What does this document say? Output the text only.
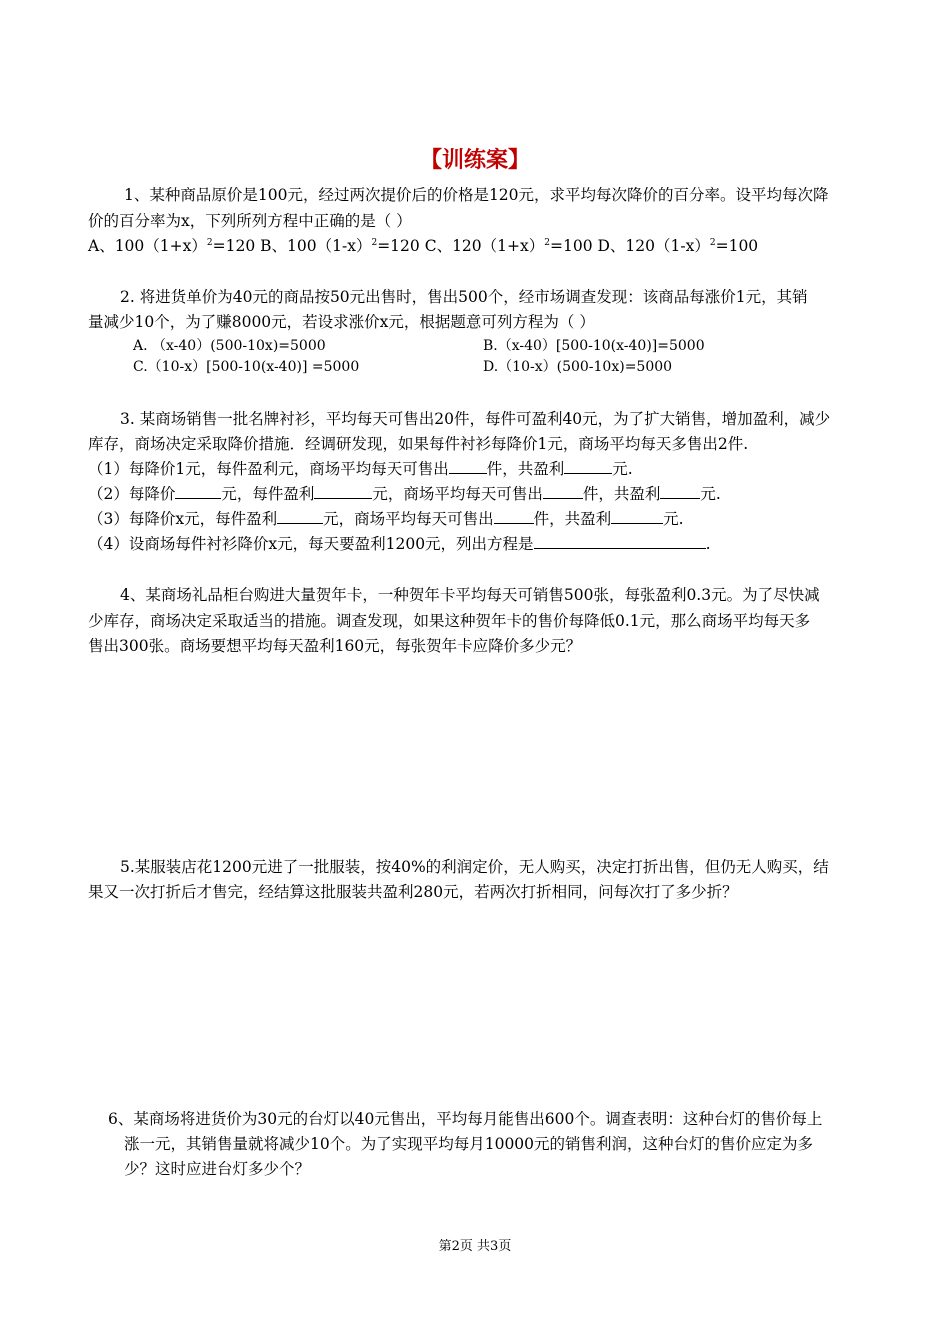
【训练案】
1、某种商品原价是100元，经过两次提价后的价格是120元，求平均每次降价的百分率。设平均每次降
价的百分率为x，下列所列方程中正确的是（ ）
A、$100(1+x)^2=120$ B、$100(1-x)^2=120$ C、$120(1+x)^2=100$ D、$120(1-x)^2=100$
2. 将进货单价为40元的商品按50元出售时，售出500个，经市场调查发现：该商品每涨价1元，其销
量减少10个，为了赚8000元，若设求涨价x元，根据题意可列方程为（ ）
A. （x-40）(500-10x)=5000	B.（x-40）[500-10(x-40)]=5000
C.（10-x）[500-10(x-40)] =5000	D.（10-x）(500-10x)=5000
3. 某商场销售一批名牌衬衫，平均每天可售出20件，每件可盈利40元，为了扩大销售，增加盈利，减少
库存，商场决定采取降价措施．经调研发现，如果每件衬衫每降价1元，商场平均每天多售出2件.
（1）每降价1元，每件盈利元，商场平均每天可售出 件，共盈利	元.
（2）每降价	元，每件盈利	元，商场平均每天可售出	件，共盈利	元.
（3）每降价x元，每件盈利	元，商场平均每天可售出	件，共盈利	元.
（4）设商场每件衬衫降价x元，每天要盈利1200元，列出方程是	.
4、某商场礼品柜台购进大量贺年卡，一种贺年卡平均每天可销售500张，每张盈利0.3元。为了尽快减
少库存，商场决定采取适当的措施。调查发现，如果这种贺年卡的售价每降低0.1元，那么商场平均每天多
售出300张。商场要想平均每天盈利160元，每张贺年卡应降价多少元？
5.某服装店花1200元进了一批服装，按40%的利润定价，无人购买，决定打折出售，但仍无人购买，结
果又一次打折后才售完，经结算这批服装共盈利280元，若两次打折相同，问每次打了多少折？
6、某商场将进货价为30元的台灯以40元售出，平均每月能售出600个。调查表明：这种台灯的售价每上
涨一元，其销售量就将减少10个。为了实现平均每月10000元的销售利润，这种台灯的售价应定为多
少？这时应进台灯多少个？
第2页 共3页
